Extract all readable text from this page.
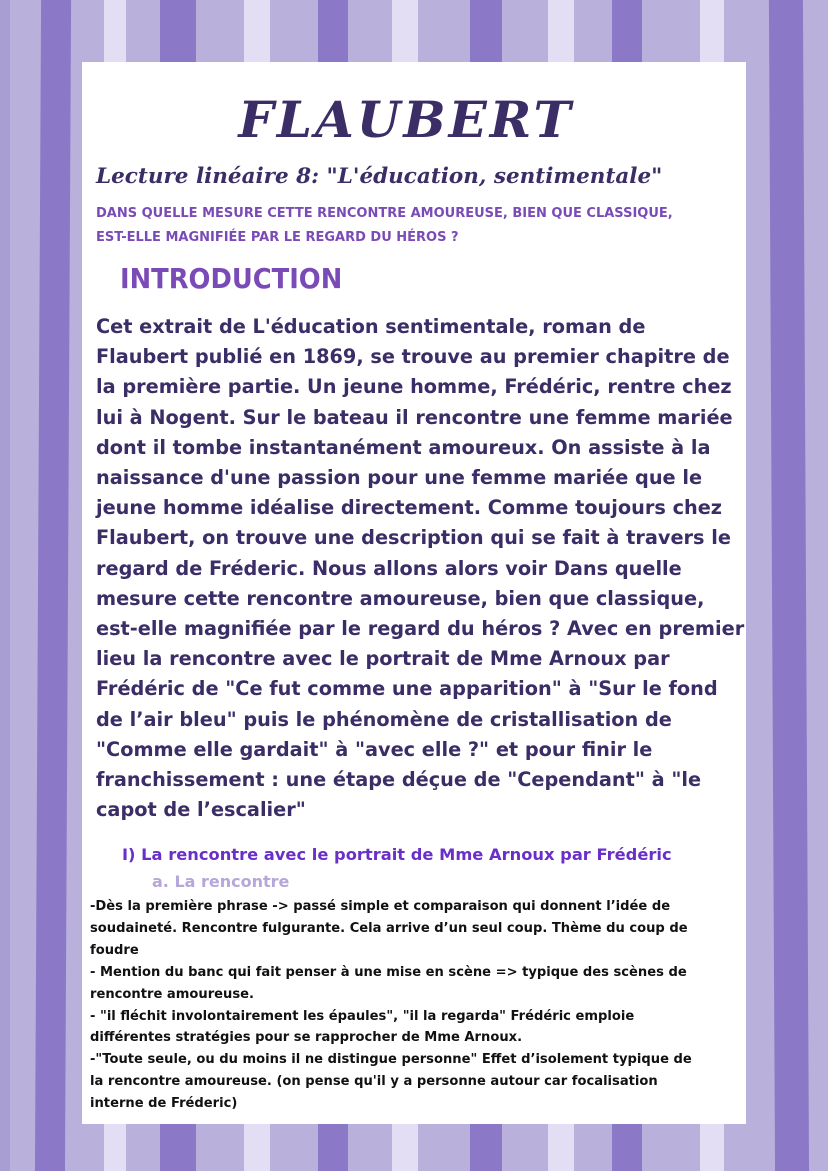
FLAUBERT
Lecture linéaire 8: "L'éducation, sentimentale"
DANS QUELLE MESURE CETTE RENCONTRE AMOUREUSE, BIEN QUE CLASSIQUE,
EST-ELLE MAGNIFIÉE PAR LE REGARD DU HÉROS ?
INTRODUCTION
Cet extrait de L'éducation sentimentale, roman de
Flaubert publié en 1869, se trouve au premier chapitre de
la première partie. Un jeune homme, Frédéric, rentre chez
lui à Nogent. Sur le bateau il rencontre une femme mariée
dont il tombe instantanément amoureux. On assiste à la
naissance d'une passion pour une femme mariée que le
jeune homme idéalise directement. Comme toujours chez
Flaubert, on trouve une description qui se fait à travers le
regard de Fréderic. Nous allons alors voir Dans quelle
mesure cette rencontre amoureuse, bien que classique,
est-elle magnifiée par le regard du héros ? Avec en premier
lieu la rencontre avec le portrait de Mme Arnoux par
Frédéric de "Ce fut comme une apparition" à "Sur le fond
de l’air bleu" puis le phénomène de cristallisation de
"Comme elle gardait" à "avec elle ?" et pour finir le
franchissement : une étape déçue de "Cependant" à "le
capot de l’escalier"
I) La rencontre avec le portrait de Mme Arnoux par Frédéric
a. La rencontre
-Dès la première phrase -> passé simple et comparaison qui donnent l’idée de
soudaineté. Rencontre fulgurante. Cela arrive d’un seul coup. Thème du coup de
foudre
- Mention du banc qui fait penser à une mise en scène => typique des scènes de
rencontre amoureuse.
- "il fléchit involontairement les épaules", "il la regarda" Frédéric emploie
différentes stratégies pour se rapprocher de Mme Arnoux.
-"Toute seule, ou du moins il ne distingue personne" Effet d’isolement typique de
la rencontre amoureuse. (on pense qu'il y a personne autour car focalisation
interne de Fréderic)
